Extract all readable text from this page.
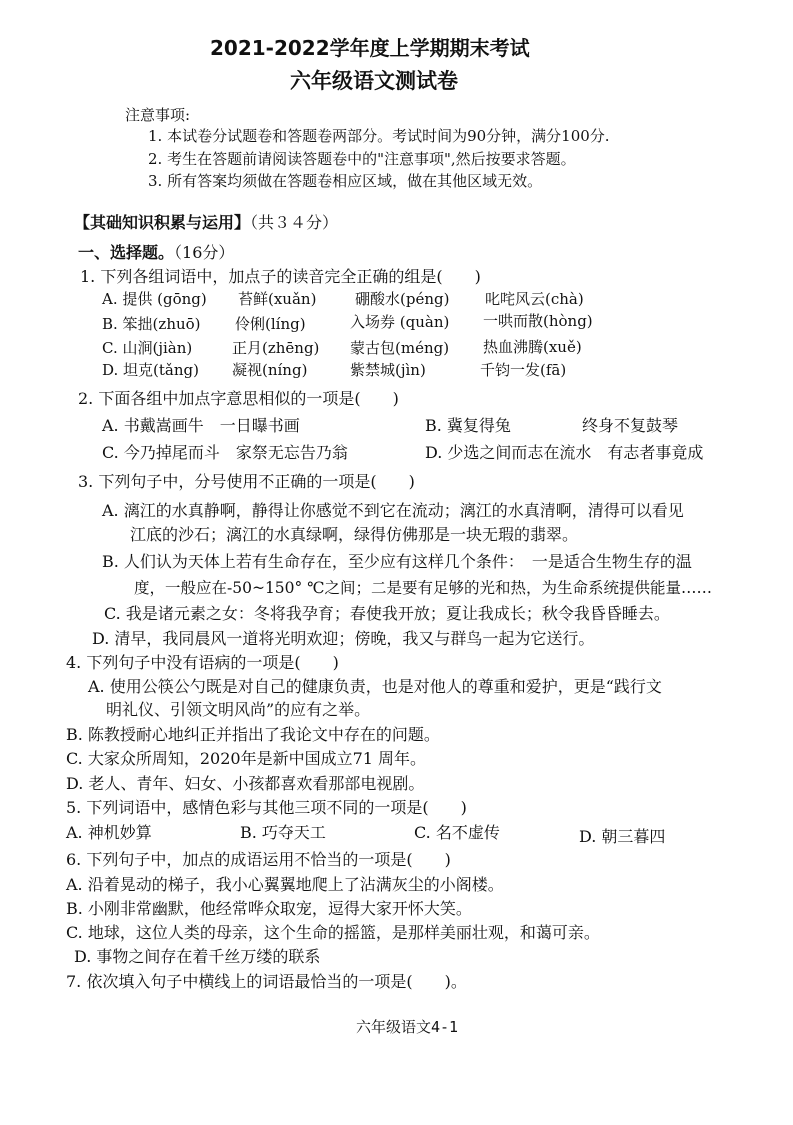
2021-2022学年度上学期期末考试
六年级语文测试卷
注意事项:
1. 本试卷分试题卷和答题卷两部分。考试时间为90分钟，满分100分.
2. 考生在答题前请阅读答题卷中的"注意事项",然后按要求答题。
3. 所有答案均须做在答题卷相应区域，做在其他区域无效。
【其础知识积累与运用】（共３４分）
一、选择题。（16分）
1. 下列各组词语中，加点子的读音完全正确的组是(　　)
A. 提供 (gōng) 苔鲜(xuǎn)	硼酸水(péng) 叱咤风云(chà)
B. 笨拙(zhuō) 伶俐(líng)	入场券 (quàn) 一哄而散(hòng)
C. 山涧(jiàn)	正月(zhēng) 蒙古包(méng) 热血沸腾(xuě)
D. 坦克(tǎng) 凝视(níng)	紫禁城(jìn)	千钧一发(fā)
2. 下面各组中加点字意思相似的一项是(　　)
A. 书戴嵩画牛　一日曝书画	B. 冀复得兔	终身不复鼓琴
C. 今乃掉尾而斗　家祭无忘告乃翁	D. 少选之间而志在流水　有志者事竟成
3. 下列句子中，分号使用不正确的一项是(　　)
A. 漓江的水真静啊，静得让你感觉不到它在流动；漓江的水真清啊，清得可以看见
江底的沙石；漓江的水真绿啊，绿得仿佛那是一块无瑕的翡翠。
B. 人们认为天体上若有生命存在，至少应有这样几个条件：　一是适合生物生存的温
度，一般应在-50~150° ℃之间；二是要有足够的光和热，为生命系统提供能量……
C. 我是诸元素之女：冬将我孕育；春使我开放；夏让我成长；秋令我昏昏睡去。
D. 清早，我同晨风一道将光明欢迎；傍晚，我又与群鸟一起为它送行。
4. 下列句子中没有语病的一项是(　　)
A. 使用公筷公勺既是对自己的健康负责，也是对他人的尊重和爱护，更是“践行文
明礼仪、引领文明风尚”的应有之举。
B. 陈教授耐心地纠正并指出了我论文中存在的问题。
C. 大家众所周知，2020年是新中国成立71 周年。
D. 老人、青年、妇女、小孩都喜欢看那部电视剧。
5. 下列词语中，感情色彩与其他三项不同的一项是(　　)
A. 神机妙算	B. 巧夺天工	C. 名不虚传	D. 朝三暮四
6. 下列句子中，加点的成语运用不恰当的一项是(　　)
A. 沿着晃动的梯子，我小心翼翼地爬上了沾满灰尘的小阁楼。
B. 小刚非常幽默，他经常哗众取宠，逗得大家开怀大笑。
C. 地球，这位人类的母亲，这个生命的摇篮，是那样美丽壮观，和蔼可亲。
D. 事物之间存在着千丝万缕的联系
7. 依次填入句子中横线上的词语最恰当的一项是(　　)。
六年级语文4-1
